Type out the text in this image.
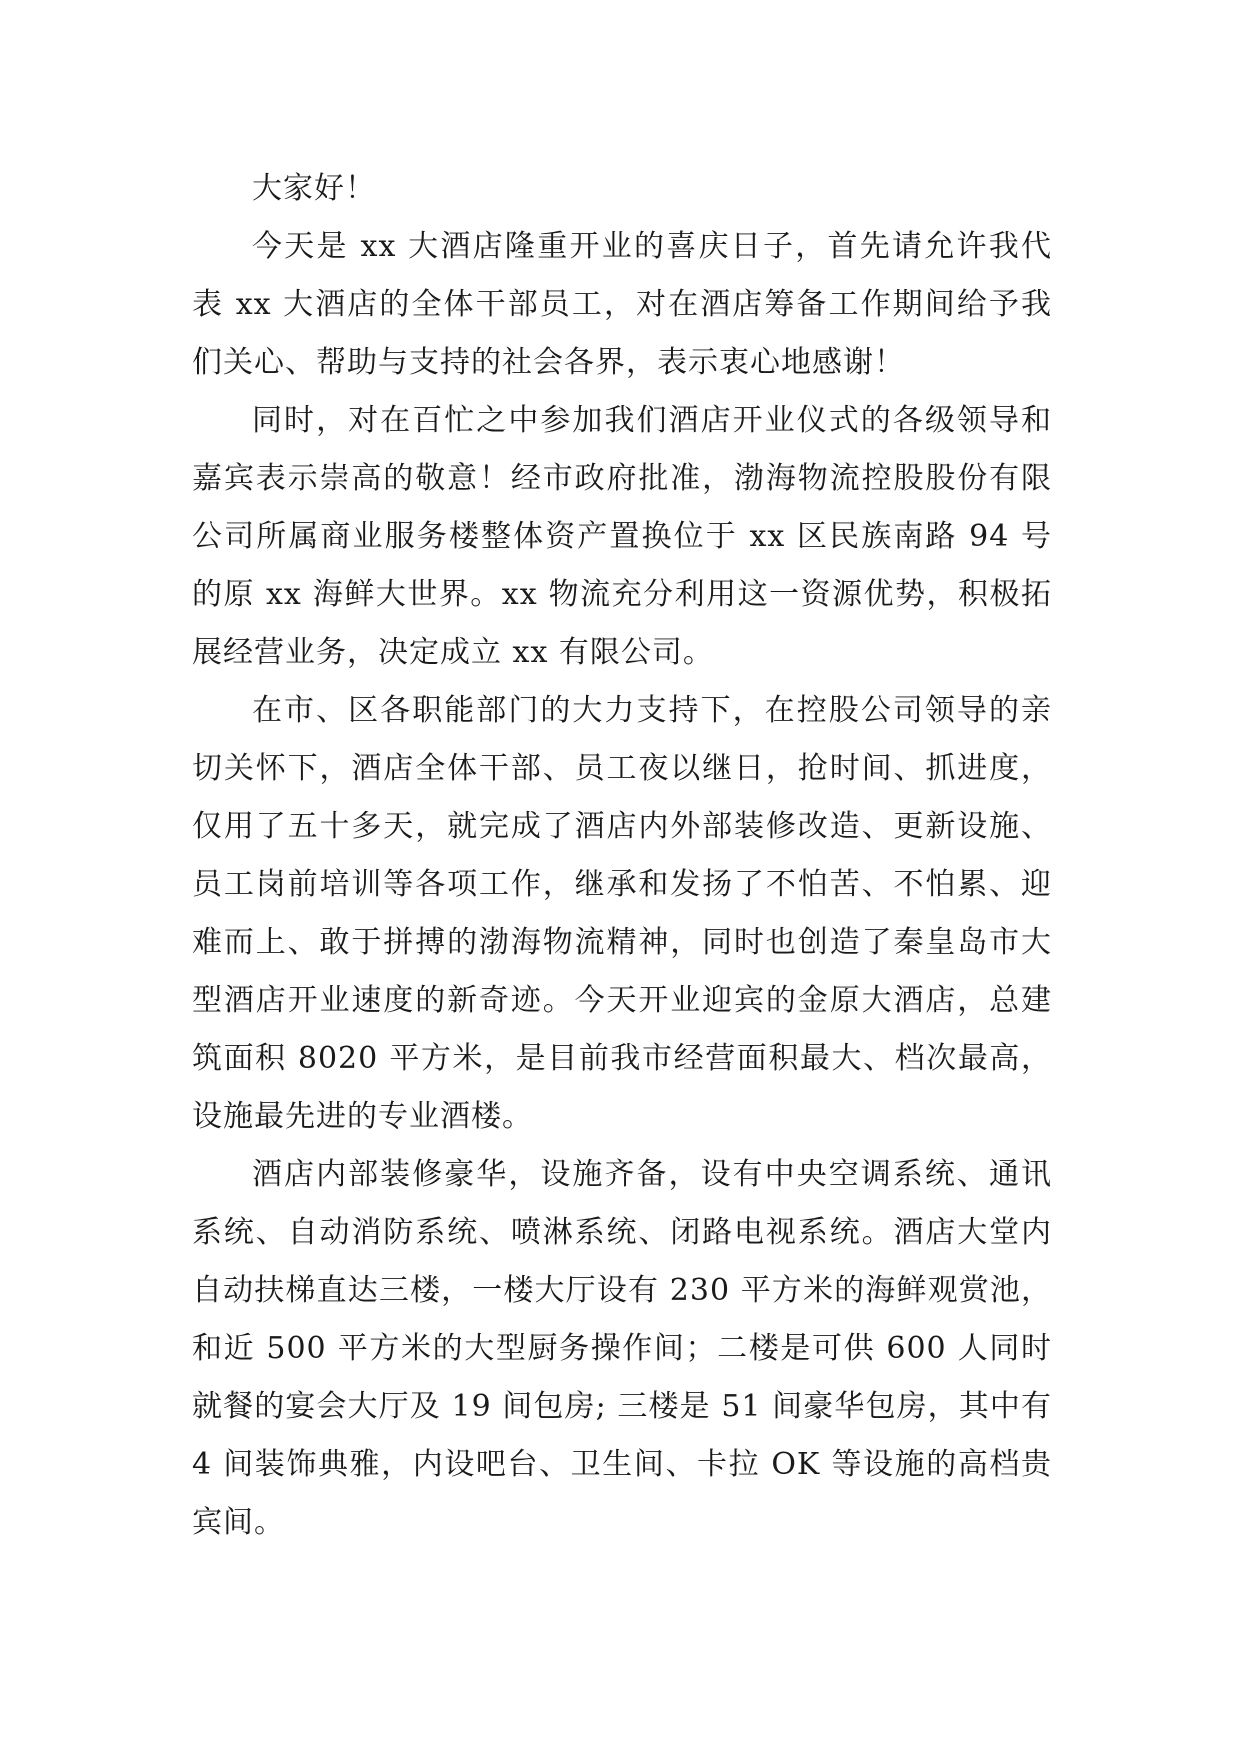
大家好！

今天是 xx 大酒店隆重开业的喜庆日子，首先请允许我代表 xx 大酒店的全体干部员工，对在酒店筹备工作期间给予我们关心、帮助与支持的社会各界，表示衷心地感谢！

同时，对在百忙之中参加我们酒店开业仪式的各级领导和嘉宾表示崇高的敬意！经市政府批准，渤海物流控股股份有限公司所属商业服务楼整体资产置换位于 xx 区民族南路 94 号的原 xx 海鲜大世界。xx 物流充分利用这一资源优势，积极拓展经营业务，决定成立 xx 有限公司。

在市、区各职能部门的大力支持下，在控股公司领导的亲切关怀下，酒店全体干部、员工夜以继日，抢时间、抓进度，仅用了五十多天，就完成了酒店内外部装修改造、更新设施、员工岗前培训等各项工作，继承和发扬了不怕苦、不怕累、迎难而上、敢于拼搏的渤海物流精神，同时也创造了秦皇岛市大型酒店开业速度的新奇迹。今天开业迎宾的金原大酒店，总建筑面积 8020 平方米，是目前我市经营面积最大、档次最高，设施最先进的专业酒楼。

酒店内部装修豪华，设施齐备，设有中央空调系统、通讯系统、自动消防系统、喷淋系统、闭路电视系统。酒店大堂内自动扶梯直达三楼，一楼大厅设有 230 平方米的海鲜观赏池，和近 500 平方米的大型厨务操作间；二楼是可供 600 人同时就餐的宴会大厅及 19 间包房; 三楼是 51 间豪华包房，其中有 4 间装饰典雅，内设吧台、卫生间、卡拉 OK 等设施的高档贵宾间。
